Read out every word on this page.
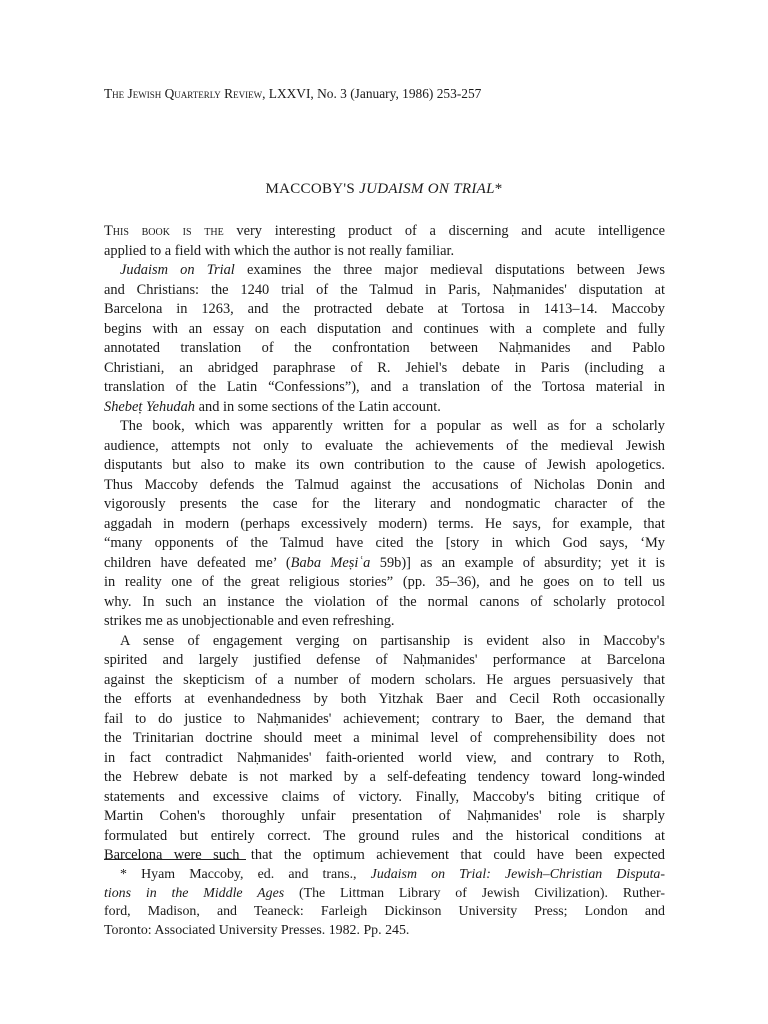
The Jewish Quarterly Review, LXXVI, No. 3 (January, 1986) 253-257
MACCOBY'S JUDAISM ON TRIAL*
This book is the very interesting product of a discerning and acute intelligence
applied to a field with which the author is not really familiar.
Judaism on Trial examines the three major medieval disputations between Jews
and Christians: the 1240 trial of the Talmud in Paris, Naḥmanides' disputation at
Barcelona in 1263, and the protracted debate at Tortosa in 1413–14. Maccoby
begins with an essay on each disputation and continues with a complete and fully
annotated translation of the confrontation between Naḥmanides and Pablo
Christiani, an abridged paraphrase of R. Jehiel's debate in Paris (including a
translation of the Latin “Confessions”), and a translation of the Tortosa material in
Shebeṭ Yehudah and in some sections of the Latin account.
The book, which was apparently written for a popular as well as for a scholarly
audience, attempts not only to evaluate the achievements of the medieval Jewish
disputants but also to make its own contribution to the cause of Jewish apologetics.
Thus Maccoby defends the Talmud against the accusations of Nicholas Donin and
vigorously presents the case for the literary and nondogmatic character of the
aggadah in modern (perhaps excessively modern) terms. He says, for example, that
“many opponents of the Talmud have cited the [story in which God says, ‘My
children have defeated me’ (Baba Meṣiʿa 59b)] as an example of absurdity; yet it is
in reality one of the great religious stories” (pp. 35–36), and he goes on to tell us
why. In such an instance the violation of the normal canons of scholarly protocol
strikes me as unobjectionable and even refreshing.
A sense of engagement verging on partisanship is evident also in Maccoby's
spirited and largely justified defense of Naḥmanides' performance at Barcelona
against the skepticism of a number of modern scholars. He argues persuasively that
the efforts at evenhandedness by both Yitzhak Baer and Cecil Roth occasionally
fail to do justice to Naḥmanides' achievement; contrary to Baer, the demand that
the Trinitarian doctrine should meet a minimal level of comprehensibility does not
in fact contradict Naḥmanides' faith-oriented world view, and contrary to Roth,
the Hebrew debate is not marked by a self-defeating tendency toward long-winded
statements and excessive claims of victory. Finally, Maccoby's biting critique of
Martin Cohen's thoroughly unfair presentation of Naḥmanides' role is sharply
formulated but entirely correct. The ground rules and the historical conditions at
Barcelona were such that the optimum achievement that could have been expected
* Hyam Maccoby, ed. and trans., Judaism on Trial: Jewish–Christian Disputa-
tions in the Middle Ages (The Littman Library of Jewish Civilization). Ruther-
ford, Madison, and Teaneck: Farleigh Dickinson University Press; London and
Toronto: Associated University Presses. 1982. Pp. 245.
